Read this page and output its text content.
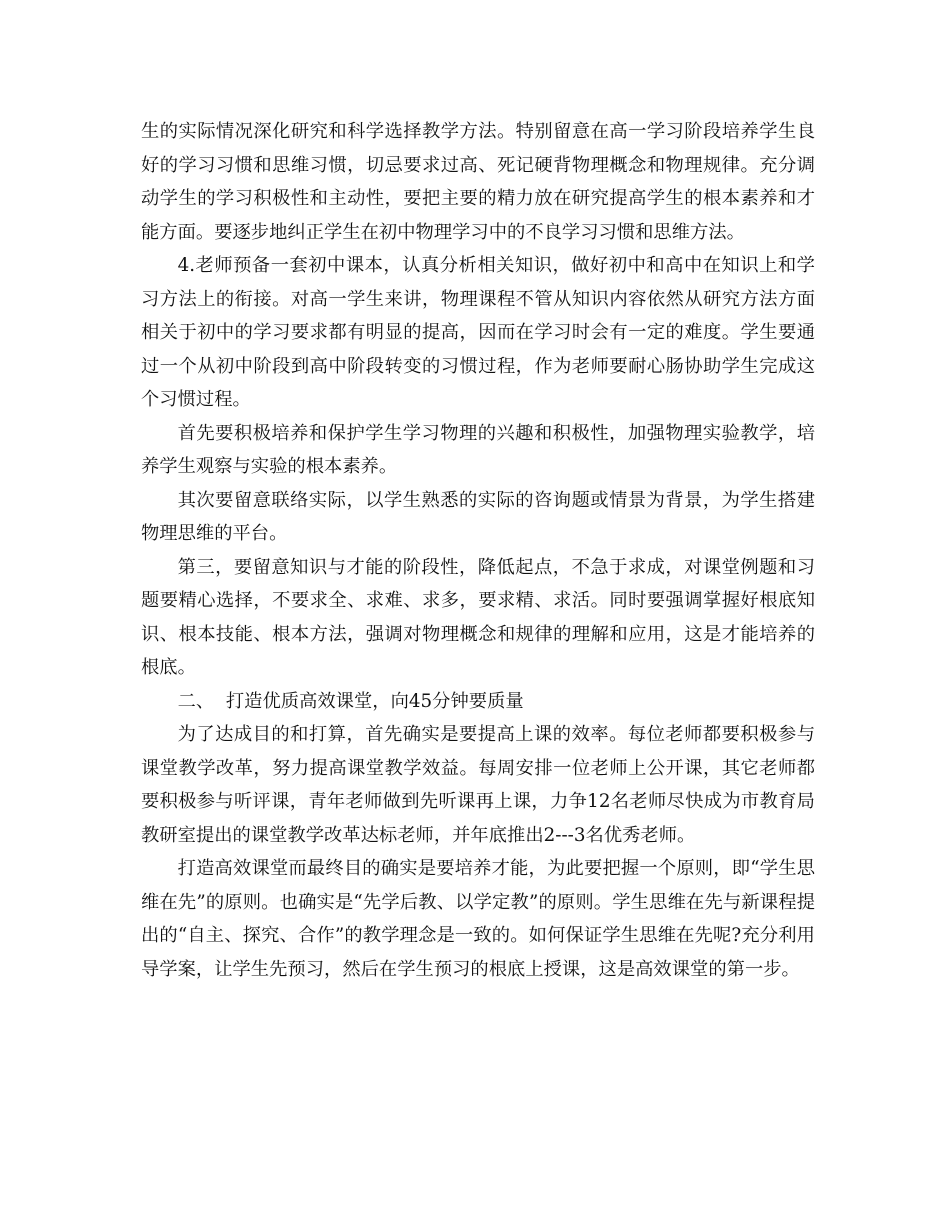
生的实际情况深化研究和科学选择教学方法。特别留意在高一学习阶段培养学生良好的学习习惯和思维习惯，切忌要求过高、死记硬背物理概念和物理规律。充分调动学生的学习积极性和主动性，要把主要的精力放在研究提高学生的根本素养和才能方面。要逐步地纠正学生在初中物理学习中的不良学习习惯和思维方法。

4.老师预备一套初中课本，认真分析相关知识，做好初中和高中在知识上和学习方法上的衔接。对高一学生来讲，物理课程不管从知识内容依然从研究方法方面相关于初中的学习要求都有明显的提高，因而在学习时会有一定的难度。学生要通过一个从初中阶段到高中阶段转变的习惯过程，作为老师要耐心肠协助学生完成这个习惯过程。

首先要积极培养和保护学生学习物理的兴趣和积极性，加强物理实验教学，培养学生观察与实验的根本素养。

其次要留意联络实际，以学生熟悉的实际的咨询题或情景为背景，为学生搭建物理思维的平台。

第三，要留意知识与才能的阶段性，降低起点，不急于求成，对课堂例题和习题要精心选择，不要求全、求难、求多，要求精、求活。同时要强调掌握好根底知识、根本技能、根本方法，强调对物理概念和规律的理解和应用，这是才能培养的根底。

二、  打造优质高效课堂，向45分钟要质量

为了达成目的和打算，首先确实是要提高上课的效率。每位老师都要积极参与课堂教学改革，努力提高课堂教学效益。每周安排一位老师上公开课，其它老师都要积极参与听评课，青年老师做到先听课再上课，力争12名老师尽快成为市教育局教研室提出的课堂教学改革达标老师，并年底推出2---3名优秀老师。

打造高效课堂而最终目的确实是要培养才能，为此要把握一个原则，即“学生思维在先”的原则。也确实是“先学后教、以学定教”的原则。学生思维在先与新课程提出的“自主、探究、合作”的教学理念是一致的。如何保证学生思维在先呢?充分利用导学案，让学生先预习，然后在学生预习的根底上授课，这是高效课堂的第一步。
